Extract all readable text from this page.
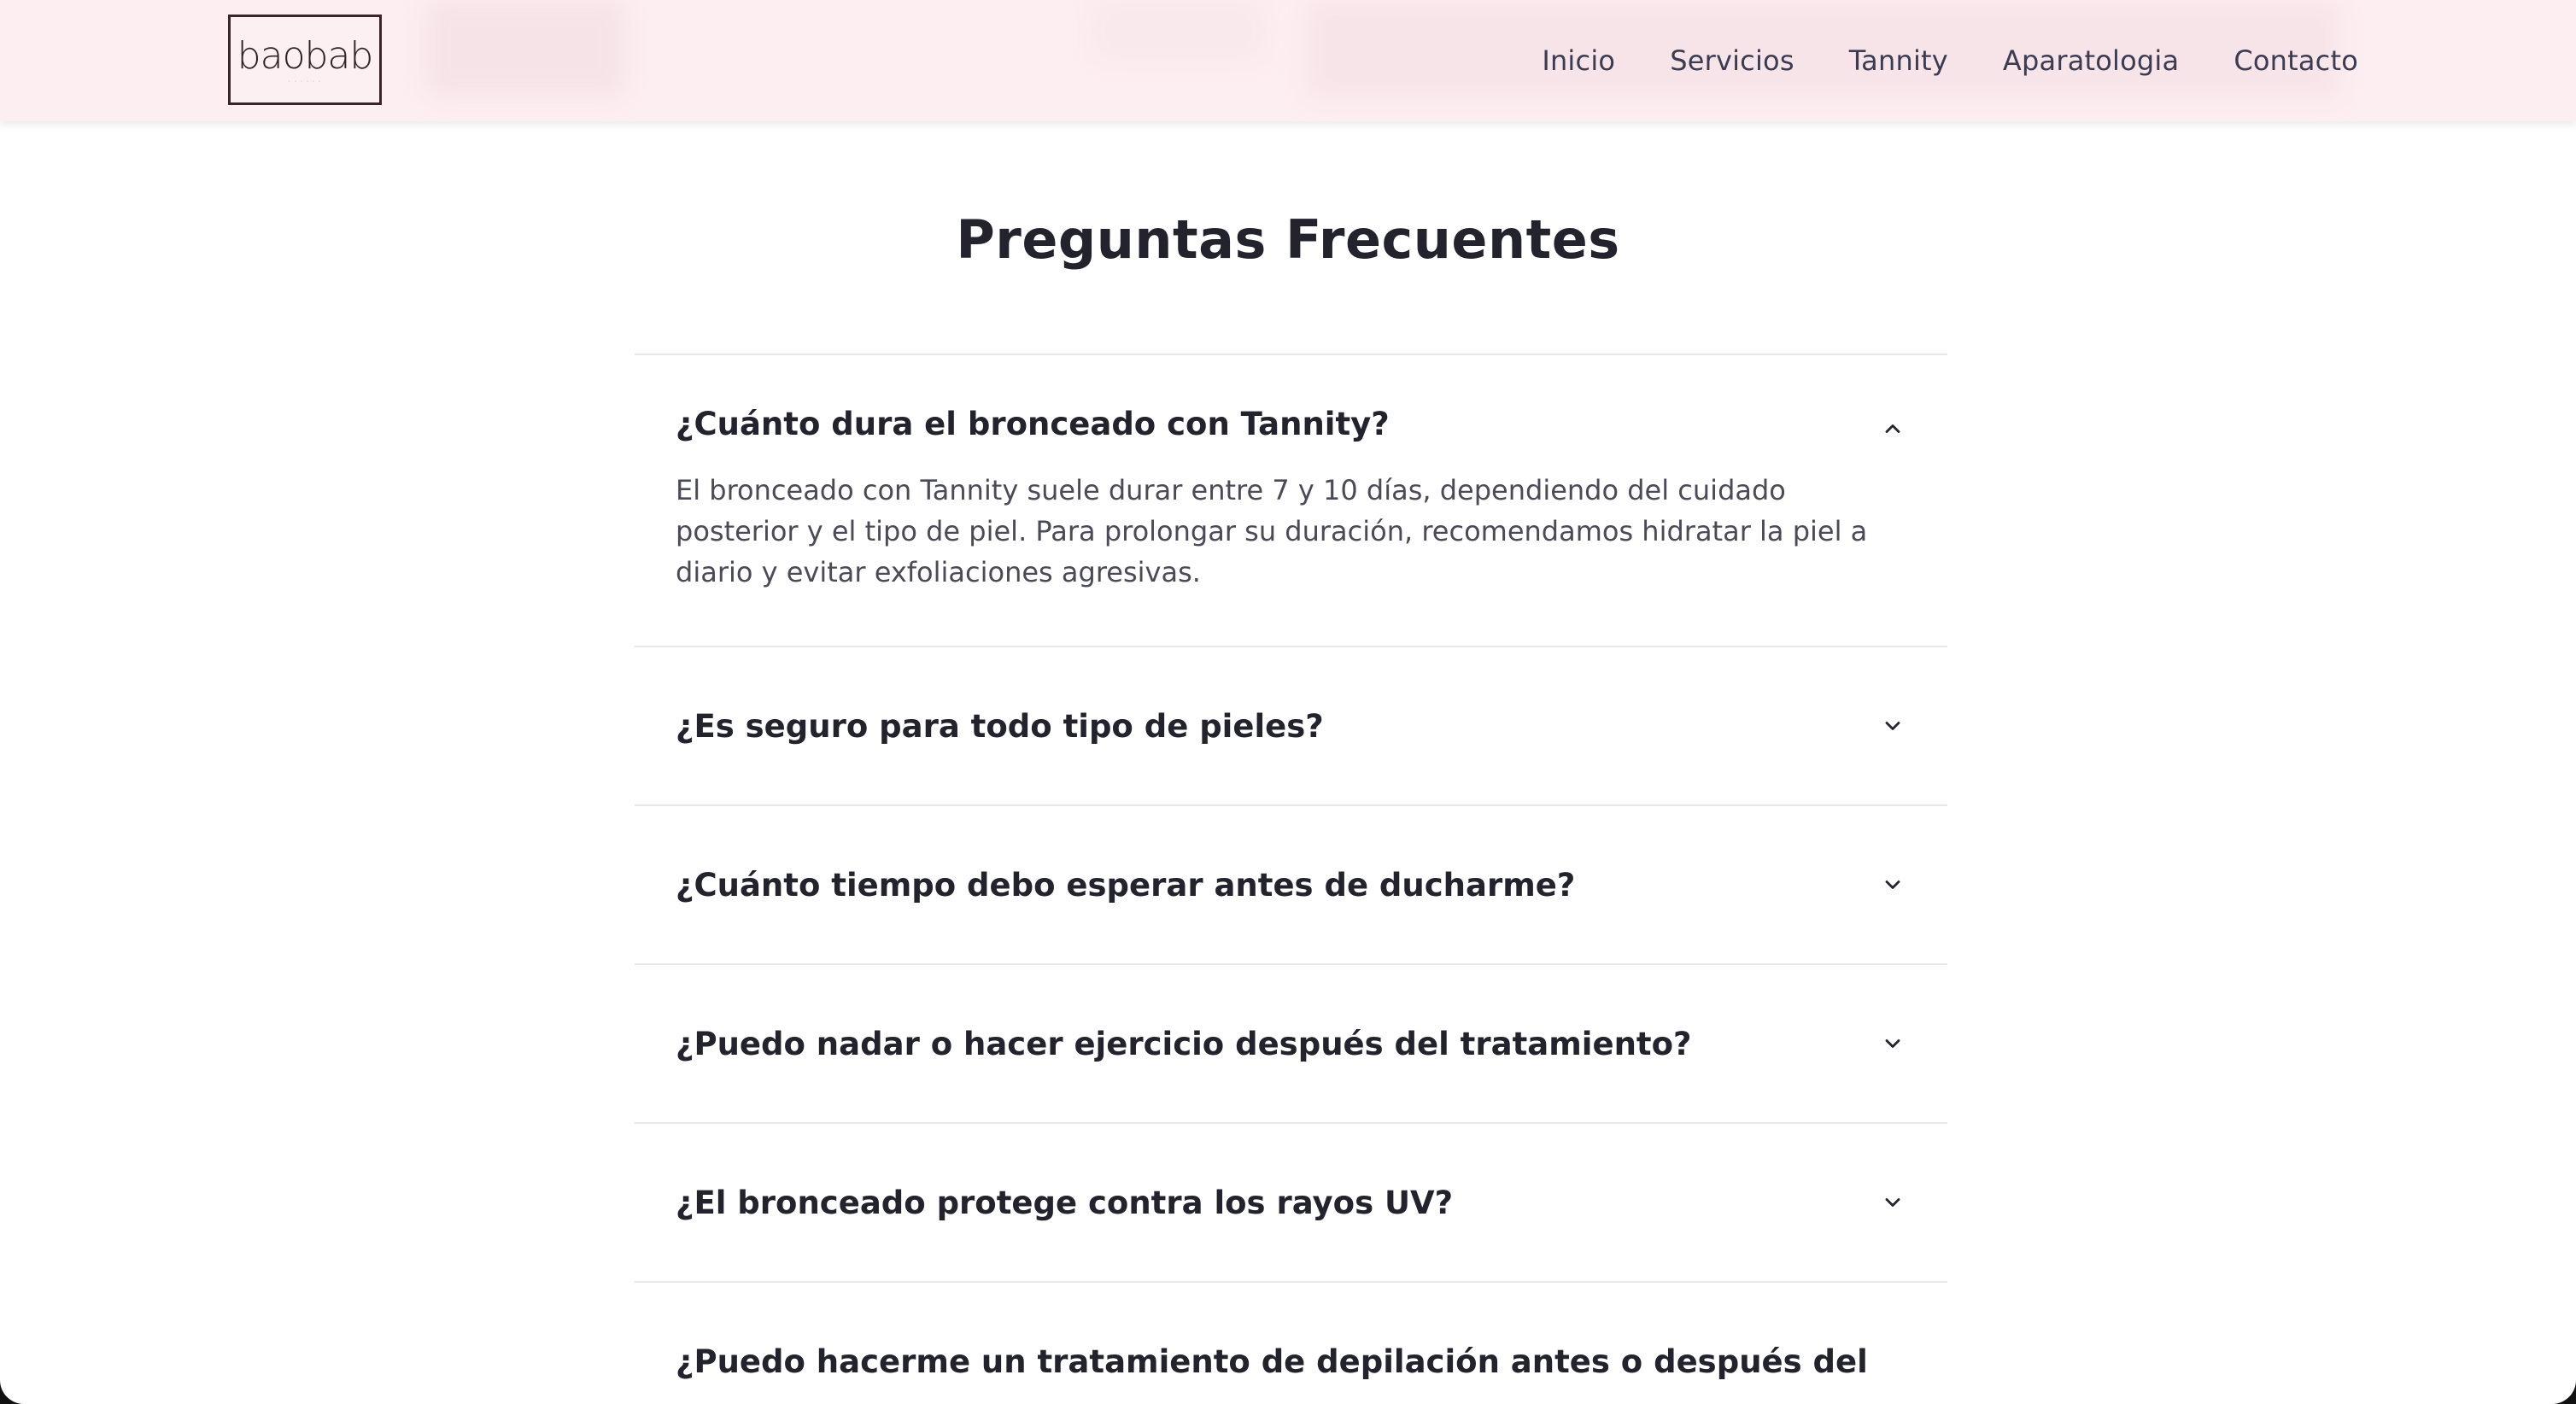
baobab
· · · · · ·
Inicio Servicios Tannity Aparatologia Contacto
Preguntas Frecuentes
¿Cuánto dura el bronceado con Tannity?

El bronceado con Tannity suele durar entre 7 y 10 días, dependiendo del cuidado
posterior y el tipo de piel. Para prolongar su duración, recomendamos hidratar la piel a
diario y evitar exfoliaciones agresivas.

¿Es seguro para todo tipo de pieles?
¿Cuánto tiempo debo esperar antes de ducharme?
¿Puedo nadar o hacer ejercicio después del tratamiento?
¿El bronceado protege contra los rayos UV?
¿Puedo hacerme un tratamiento de depilación antes o después del
